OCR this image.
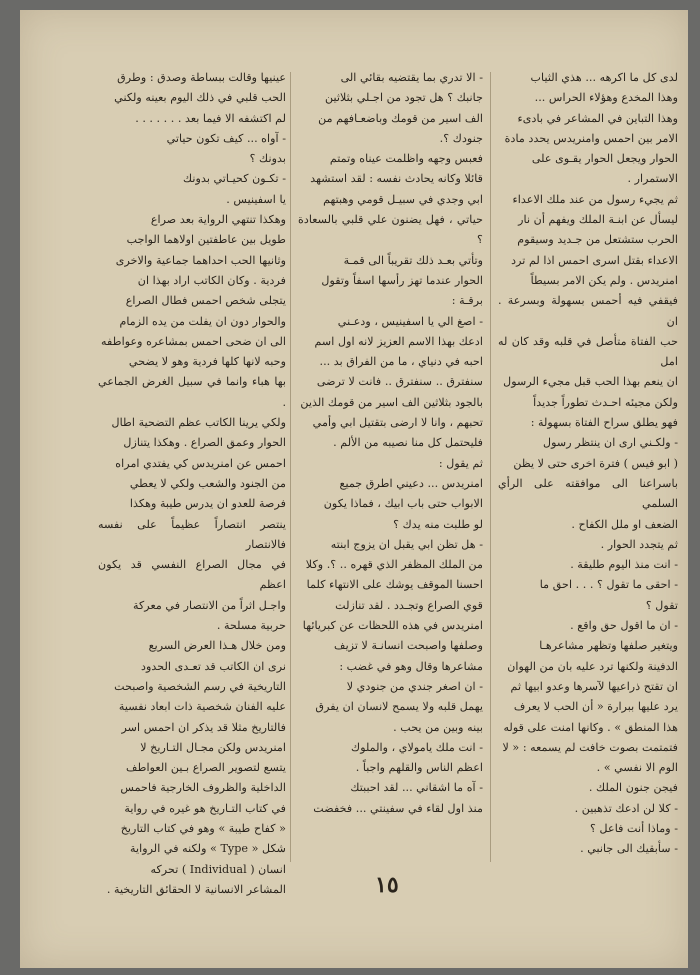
لدى كل ما اكرهه ... هذي الثياب

وهذا المخدع وهؤلاء الحراس ...

وهذا التباين في المشاعر في بادىء

الامر بين احمس وامنريدس يحدد مادة

الحوار ويجعل الحوار يقـوى على

الاستمرار .

ثم يجيء رسول من عند ملك الاعداء

ليسأل عن ابنـة الملك ويفهم أن نار

الحرب ستشتعل من جـديد وسيقوم

الاعداء بقتل اسرى احمس اذا لم ترد

امنريدس . ولم يكن الامر بسيطاً

فيقفي فيه أحمس بسهولة وبسرعة . ان

حب الفتاة متأصل في قلبه وقد كان له امل

ان ينعم بهذا الحب قبل مجيء الرسول

ولكن مجيئه احـدث تطوراً جديداً

فهو يطلق سراح الفتاة بسهولة :

- ولكـني ارى ان ينتظر رسول

( ابو فيس ) فترة اخرى حتى لا يظن

باسراعنا الى موافقته على الرأي السلمي

الضعف او ملل الكفاح .

ثم يتجدد الحوار .

- انت منذ اليوم طليقة .

- احقى ما تقول ؟ . . . احق ما

تقول ؟

- ان ما اقول حق واقع .

ويتغير صلفها وتظهر مشاعرهـا

الدفينة ولكنها ترد عليه بان من الهوان

ان تقتح ذراعيها لآسرها وعدو ابيها ثم

يرد عليها ببرارة « أن الحب لا يعرف

هذا المنطق » . وكانها امنت على قوله

فتمتمت بصوت خافت لم يسمعه : « لا

الوم الا نفسي » .

فيجن جنون الملك .

- كلا لن ادعك تذهبين .

- وماذا أنت فاعل ؟

- سأبقيك الى جانبي .

- الا تدري بما يقتضيه بقائي الى

جانبك ؟ هل تجود من اجـلي بثلاثين

الف اسير من قومك وباضعـافهم من

جنودك ؟.

فعبس وجهه واظلمت عيناه وتمتم

قائلا وكانه يحادث نفسه : لقد استشهد

ابي وجدي في سبيـل قومي وهبتهم

حياتي ، فهل يضنون علي قلبي بالسعادة ؟

وتأتي بعـد ذلك تقريباً الى قمـة

الحوار عندما تهز رأسها اسفاً وتقول

برقـة :

- اصغ الي يا اسفينيس ، ودعـني

ادعك بهذا الاسم العزيز لانه اول اسم

احبه في دنياي ، ما من الفراق بد ...

سنفترق .. سنفترق .. فانت لا ترضى

بالجود بثلاثين الف اسير من قومك الذين

تحبهم ، وانا لا ارضى بتقتيل ابي وأمي

فليحتمل كل منا نصيبه من الألم .

ثم يقول :

امنريدس ... دعيني اطرق جميع

الابواب حتى باب ابيك ، فماذا يكون

لو طلبت منه يدك ؟

- هل تظن ابي يقبل ان يزوج ابنته

من الملك المظفر الذي قهره .. ؟. وكلا

احسنا الموقف يوشك على الانتهاء كلما

قوي الصراع وتجـدد . لقد تنازلت

امنريدس في هذه اللحظات عن كبريائها

وصلفها واصبحت انسانـة لا تزيف

مشاعرها وقال وهو في غضب :

- ان اصغر جندي من جنودي لا

يهمل قلبه ولا يسمح لانسان ان يفرق

بينه وبين من يحب .

- انت ملك يامولاي ، والملوك

اعظم الناس والقلهم واجباً .

- آه ما اشقاني ... لقد احببتك

منذ اول لقاء في سفينتي ... فخفضت

عينيها وقالت ببساطة وصدق : وطرق

الحب قلبي في ذلك اليوم بعينه ولكني

لم اكتشفه الا فيما بعد . . . . . . .

- آواه ... كيف تكون حياتي

بدونك ؟

- تكـون كحيـاتي بدونك

يا اسفينيس .

وهكذا تنتهي الرواية بعد صراع

طويل بين عاطفتين اولاهما الواجب

وثانيها الحب احداهما جماعية والاخرى

فردية . وكان الكاتب اراد بهذا ان

يتجلى شخص احمس فطال الصراع

والحوار دون ان يفلت من يده الزمام

الى ان ضحى احمس بمشاعره وعواطفه

وحبه لانها كلها فردية وهو لا يضحي

بها هباء وانما في سبيل الغرض الجماعي .

ولكي يرينا الكاتب عظم التضحية اطال

الحوار وعمق الصراع . وهكذا يتنازل

احمس عن امنريدس كي يفتدي امراه

من الجنود والشعب ولكي لا يعطي

فرصة للعدو ان يدرس طيبة وهكذا

ينتصر انتصاراً عظيماً على نفسه فالانتصار

في مجال الصراع النفسي قد يكون اعظم

واجـل اثراً من الانتصار في معركة

حربية مسلحة .

ومن خلال هـذا العرض السريع

نرى ان الكاتب قد تعـدى الحدود

التاريخية في رسم الشخصية واصبحت

عليه الفنان شخصية ذات ابعاد نفسية

فالتاريخ مثلا قد يذكر ان احمس اسر

امنريدس ولكن مجـال التـاريخ لا

يتسع لتصوير الصراع بـين العواطف

الداخلية والظروف الخارجية فاحمس

في كتاب التـاريخ هو غيره في رواية

« كفاح طيبة » وهو في كتاب التاريخ

شكل « Type » ولكنه في الرواية

انسان ( Individual ) تحركه

المشاعر الانسانية لا الحقائق التاريخية .	١٥
